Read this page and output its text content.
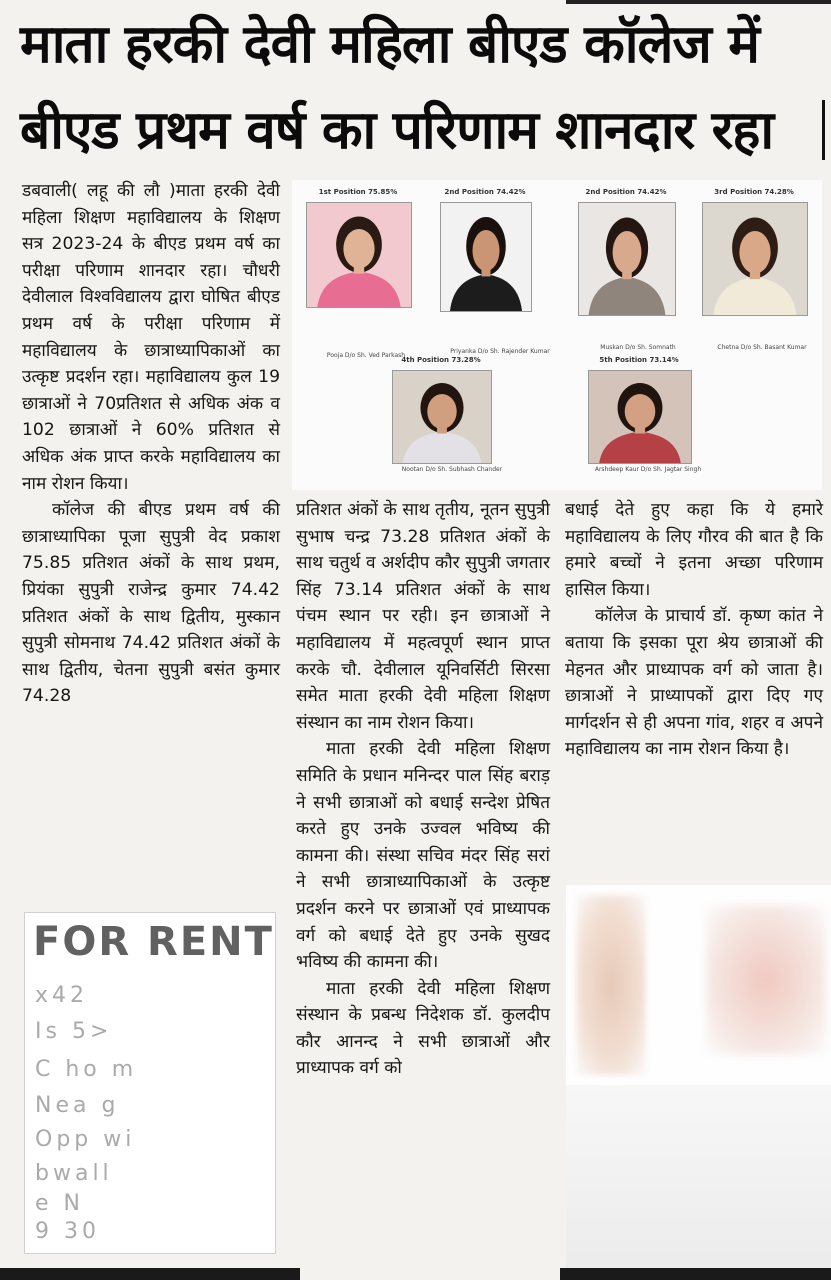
माता हरकी देवी महिला बीएड कॉलेज में
बीएड प्रथम वर्ष का परिणाम शानदार रहा

डबवाली( लहू की लौ )माता हरकी देवी महिला शिक्षण महाविद्यालय के शिक्षण सत्र 2023-24 के बीएड प्रथम वर्ष का परीक्षा परिणाम शानदार रहा। चौधरी देवीलाल विश्वविद्यालय द्वारा घोषित बीएड प्रथम वर्ष के परीक्षा परिणाम में महाविद्यालय के छात्राध्यापिकाओं का उत्कृष्ट प्रदर्शन रहा। महाविद्यालय कुल 19 छात्राओं ने 70प्रतिशत से अधिक अंक व 102 छात्राओं ने 60% प्रतिशत से अधिक अंक प्राप्त करके महाविद्यालय का नाम रोशन किया।

कॉलेज की बीएड प्रथम वर्ष की छात्राध्यापिका पूजा सुपुत्री वेद प्रकाश 75.85 प्रतिशत अंकों के साथ प्रथम, प्रियंका सुपुत्री राजेन्द्र कुमार 74.42 प्रतिशत अंकों के साथ द्वितीय, मुस्कान सुपुत्री सोमनाथ 74.42 प्रतिशत अंकों के साथ द्वितीय, चेतना सुपुत्री बसंत कुमार 74.28

1st Position 75.85%
Pooja D/o Sh. Ved Parkash
2nd Position 74.42%
Priyanka D/o Sh. Rajender Kumar
2nd Position 74.42%
Muskan D/o Sh. Somnath
3rd Position 74.28%
Chetna D/o Sh. Basant Kumar
4th Position 73.28%
Nootan D/o Sh. Subhash Chander
5th Position 73.14%
Arshdeep Kaur D/o Sh. Jagtar Singh

प्रतिशत अंकों के साथ तृतीय, नूतन सुपुत्री सुभाष चन्द्र 73.28 प्रतिशत अंकों के साथ चतुर्थ व अर्शदीप कौर सुपुत्री जगतार सिंह 73.14 प्रतिशत अंकों के साथ पंचम स्थान पर रही। इन छात्राओं ने महाविद्यालय में महत्वपूर्ण स्थान प्राप्त करके चौ. देवीलाल यूनिवर्सिटी सिरसा समेत माता हरकी देवी महिला शिक्षण संस्थान का नाम रोशन किया।

माता हरकी देवी महिला शिक्षण समिति के प्रधान मनिन्दर पाल सिंह बराड़ ने सभी छात्राओं को बधाई सन्देश प्रेषित करते हुए उनके उज्वल भविष्य की कामना की। संस्था सचिव मंदर सिंह सरां ने सभी छात्राध्यापिकाओं के उत्कृष्ट प्रदर्शन करने पर छात्राओं एवं प्राध्यापक वर्ग को बधाई देते हुए उनके सुखद भविष्य की कामना की।

माता हरकी देवी महिला शिक्षण संस्थान के प्रबन्ध निदेशक डॉ. कुलदीप कौर आनन्द ने सभी छात्राओं और प्राध्यापक वर्ग को

बधाई देते हुए कहा कि ये हमारे महाविद्यालय के लिए गौरव की बात है कि हमारे बच्चों ने इतना अच्छा परिणाम हासिल किया।

कॉलेज के प्राचार्य डॉ. कृष्ण कांत ने बताया कि इसका पूरा श्रेय छात्राओं की मेहनत और प्राध्यापक वर्ग को जाता है। छात्राओं ने प्राध्यापकों द्वारा दिए गए मार्गदर्शन से ही अपना गांव, शहर व अपने महाविद्यालय का नाम रोशन किया है।

FOR RENT
x42
Is 5>
C ho m
Nea g
Opp wi
bwall
e N
9 30
